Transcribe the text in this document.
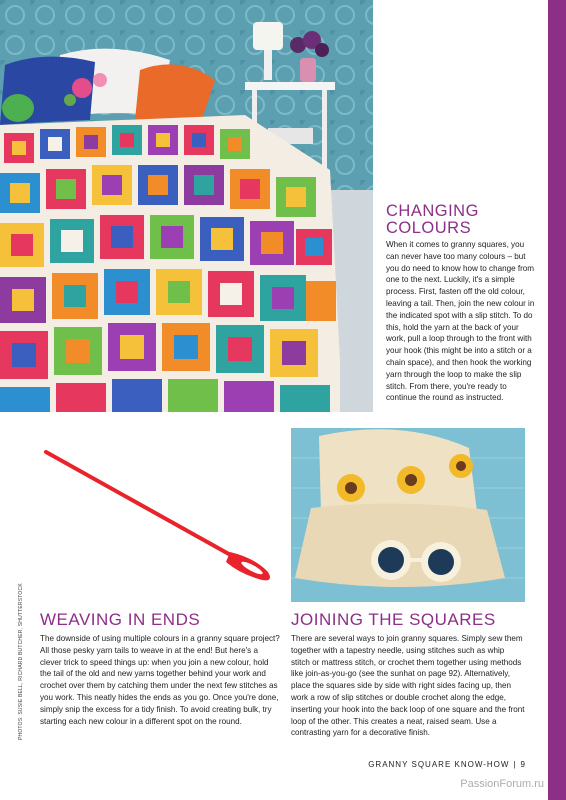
CHANGING COLOURS

When it comes to granny squares, you can never have too many colours – but you do need to know how to change from one to the next. Luckily, it's a simple process. First, fasten off the old colour, leaving a tail. Then, join the new colour in the indicated spot with a slip stitch. To do this, hold the yarn at the back of your work, pull a loop through to the front with your hook (this might be into a stitch or a chain space), and then hook the working yarn through the loop to make the slip stitch. From there, you're ready to continue the round as instructed.

WEAVING IN ENDS

The downside of using multiple colours in a granny square project? All those pesky yarn tails to weave in at the end! But here's a clever trick to speed things up: when you join a new colour, hold the tail of the old and new yarns together behind your work and crochet over them by catching them under the next few stitches as you work. This neatly hides the ends as you go. Once you're done, simply snip the excess for a tidy finish. To avoid creating bulk, try starting each new colour in a different spot on the round.

JOINING THE SQUARES

There are several ways to join granny squares. Simply sew them together with a tapestry needle, using stitches such as whip stitch or mattress stitch, or crochet them together using methods like join-as-you-go (see the sunhat on page 92). Alternatively, place the squares side by side with right sides facing up, then work a row of slip stitches or double crochet along the edge, inserting your hook into the back loop of one square and the front loop of the other. This creates a neat, raised seam. Use a contrasting yarn for a decorative finish.

PHOTOS: SUSIE BELL, RICHARD BUTCHER, SHUTTERSTOCK
GRANNY SQUARE KNOW-HOW | 9
PassionForum.ru
